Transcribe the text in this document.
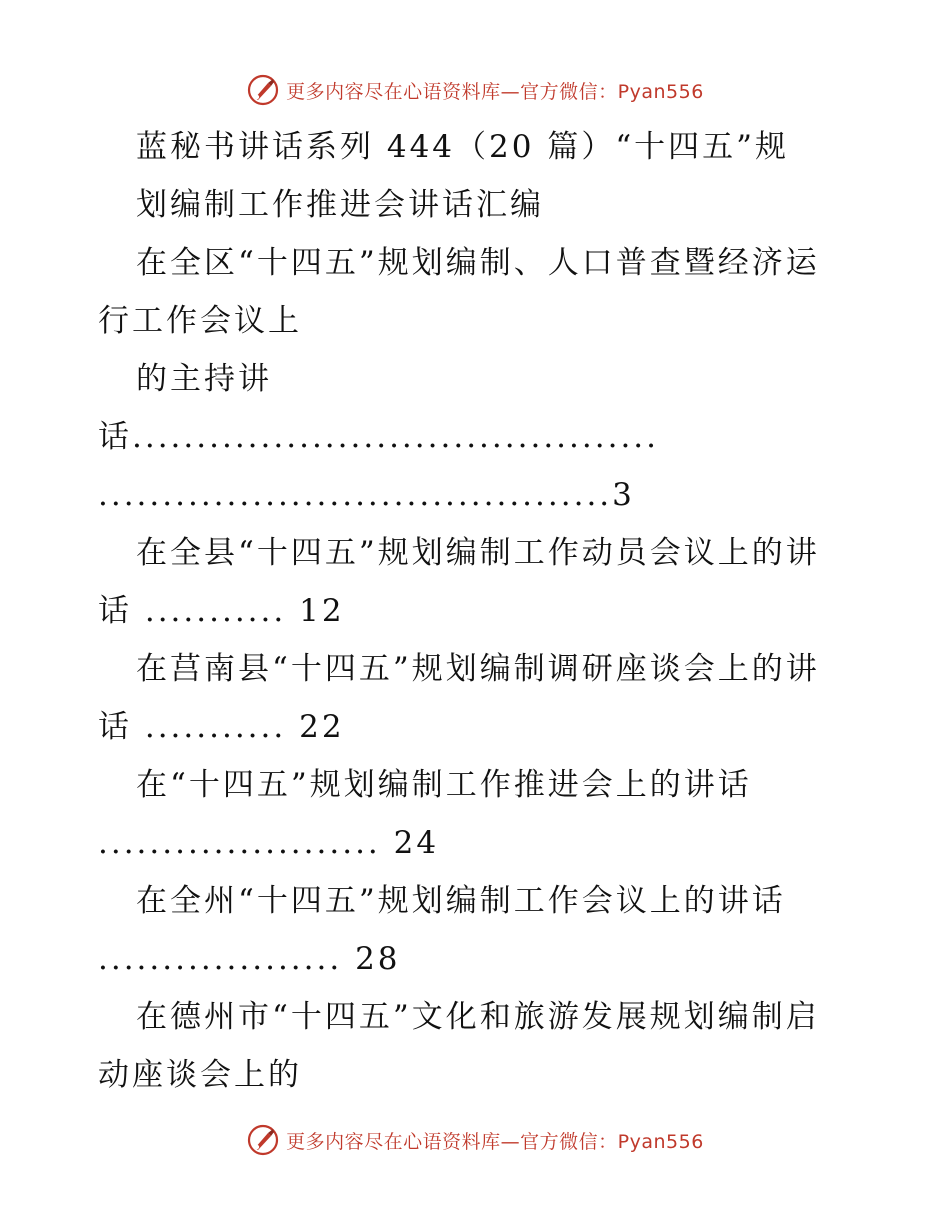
更多内容尽在心语资料库—官方微信：Pyan556
蓝秘书讲话系列 444（20 篇）“十四五”规
划编制工作推进会讲话汇编
在全区“十四五”规划编制、人口普查暨经济运
行工作会议上
的主持讲
话.........................................
........................................3
在全县“十四五”规划编制工作动员会议上的讲
话 ........... 12
在莒南县“十四五”规划编制调研座谈会上的讲
话 ........... 22
在“十四五”规划编制工作推进会上的讲话
...................... 24
在全州“十四五”规划编制工作会议上的讲话
................... 28
在德州市“十四五”文化和旅游发展规划编制启
动座谈会上的
更多内容尽在心语资料库—官方微信：Pyan556
